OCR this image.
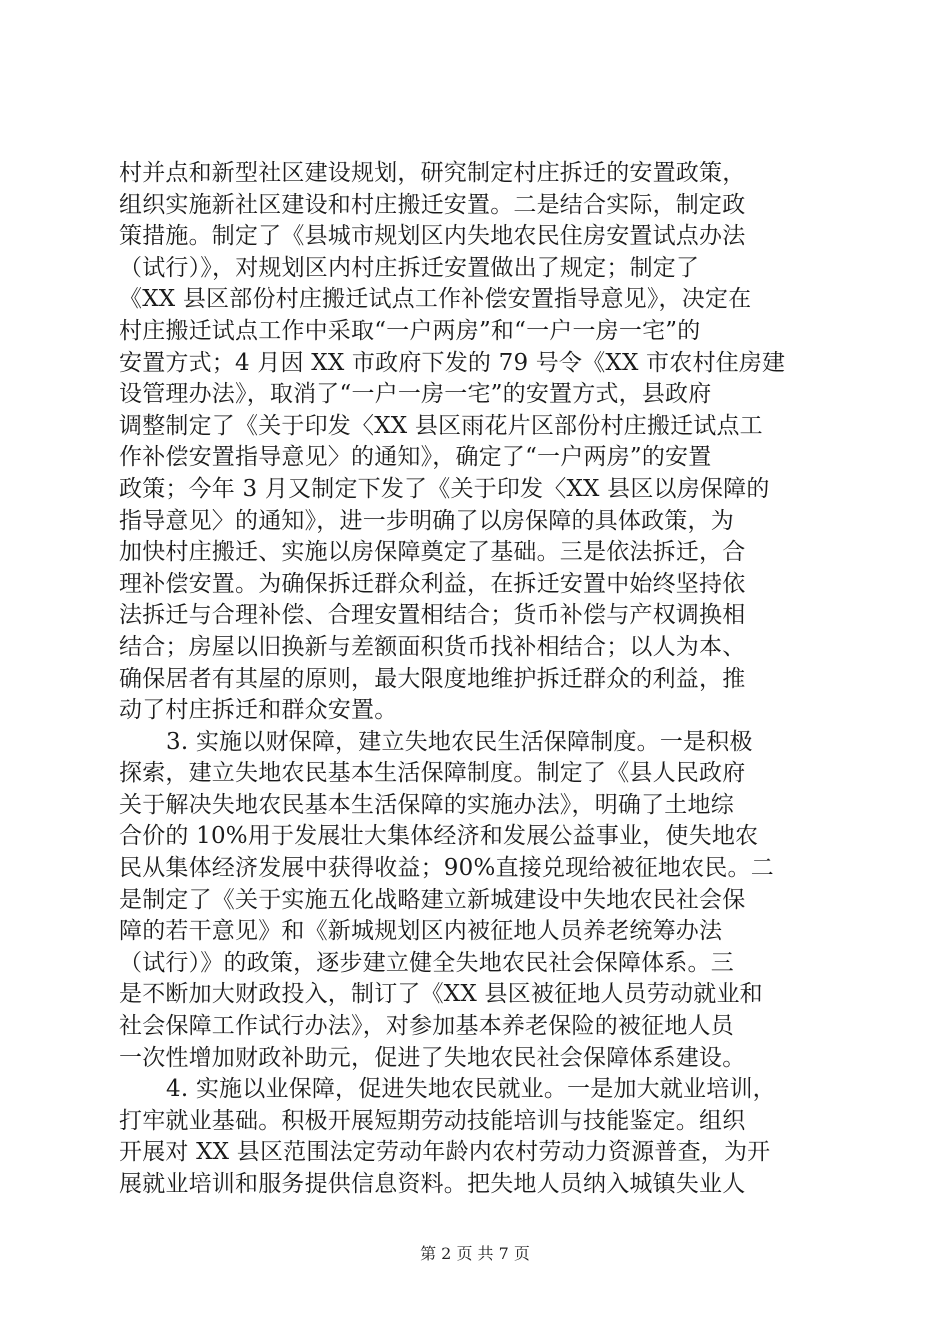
村并点和新型社区建设规划，研究制定村庄拆迁的安置政策，
组织实施新社区建设和村庄搬迁安置。二是结合实际，制定政
策措施。制定了《县城市规划区内失地农民住房安置试点办法
（试行）》，对规划区内村庄拆迁安置做出了规定；制定了
《XX 县区部份村庄搬迁试点工作补偿安置指导意见》，决定在
村庄搬迁试点工作中采取“一户两房”和“一户一房一宅”的
安置方式；4 月因 XX 市政府下发的 79 号令《XX 市农村住房建
设管理办法》，取消了“一户一房一宅”的安置方式，县政府
调整制定了《关于印发〈XX 县区雨花片区部份村庄搬迁试点工
作补偿安置指导意见〉的通知》，确定了“一户两房”的安置
政策；今年 3 月又制定下发了《关于印发〈XX 县区以房保障的
指导意见〉的通知》，进一步明确了以房保障的具体政策，为
加快村庄搬迁、实施以房保障奠定了基础。三是依法拆迁，合
理补偿安置。为确保拆迁群众利益，在拆迁安置中始终坚持依
法拆迁与合理补偿、合理安置相结合；货币补偿与产权调换相
结合；房屋以旧换新与差额面积货币找补相结合；以人为本、
确保居者有其屋的原则，最大限度地维护拆迁群众的利益，推
动了村庄拆迁和群众安置。
3. 实施以财保障，建立失地农民生活保障制度。一是积极
探索，建立失地农民基本生活保障制度。制定了《县人民政府
关于解决失地农民基本生活保障的实施办法》，明确了土地综
合价的 10%用于发展壮大集体经济和发展公益事业，使失地农
民从集体经济发展中获得收益；90%直接兑现给被征地农民。二
是制定了《关于实施五化战略建立新城建设中失地农民社会保
障的若干意见》和《新城规划区内被征地人员养老统筹办法
（试行）》的政策，逐步建立健全失地农民社会保障体系。三
是不断加大财政投入，制订了《XX 县区被征地人员劳动就业和
社会保障工作试行办法》，对参加基本养老保险的被征地人员
一次性增加财政补助元，促进了失地农民社会保障体系建设。
4. 实施以业保障，促进失地农民就业。一是加大就业培训，
打牢就业基础。积极开展短期劳动技能培训与技能鉴定。组织
开展对 XX 县区范围法定劳动年龄内农村劳动力资源普查，为开
展就业培训和服务提供信息资料。把失地人员纳入城镇失业人
第 2 页 共 7 页
